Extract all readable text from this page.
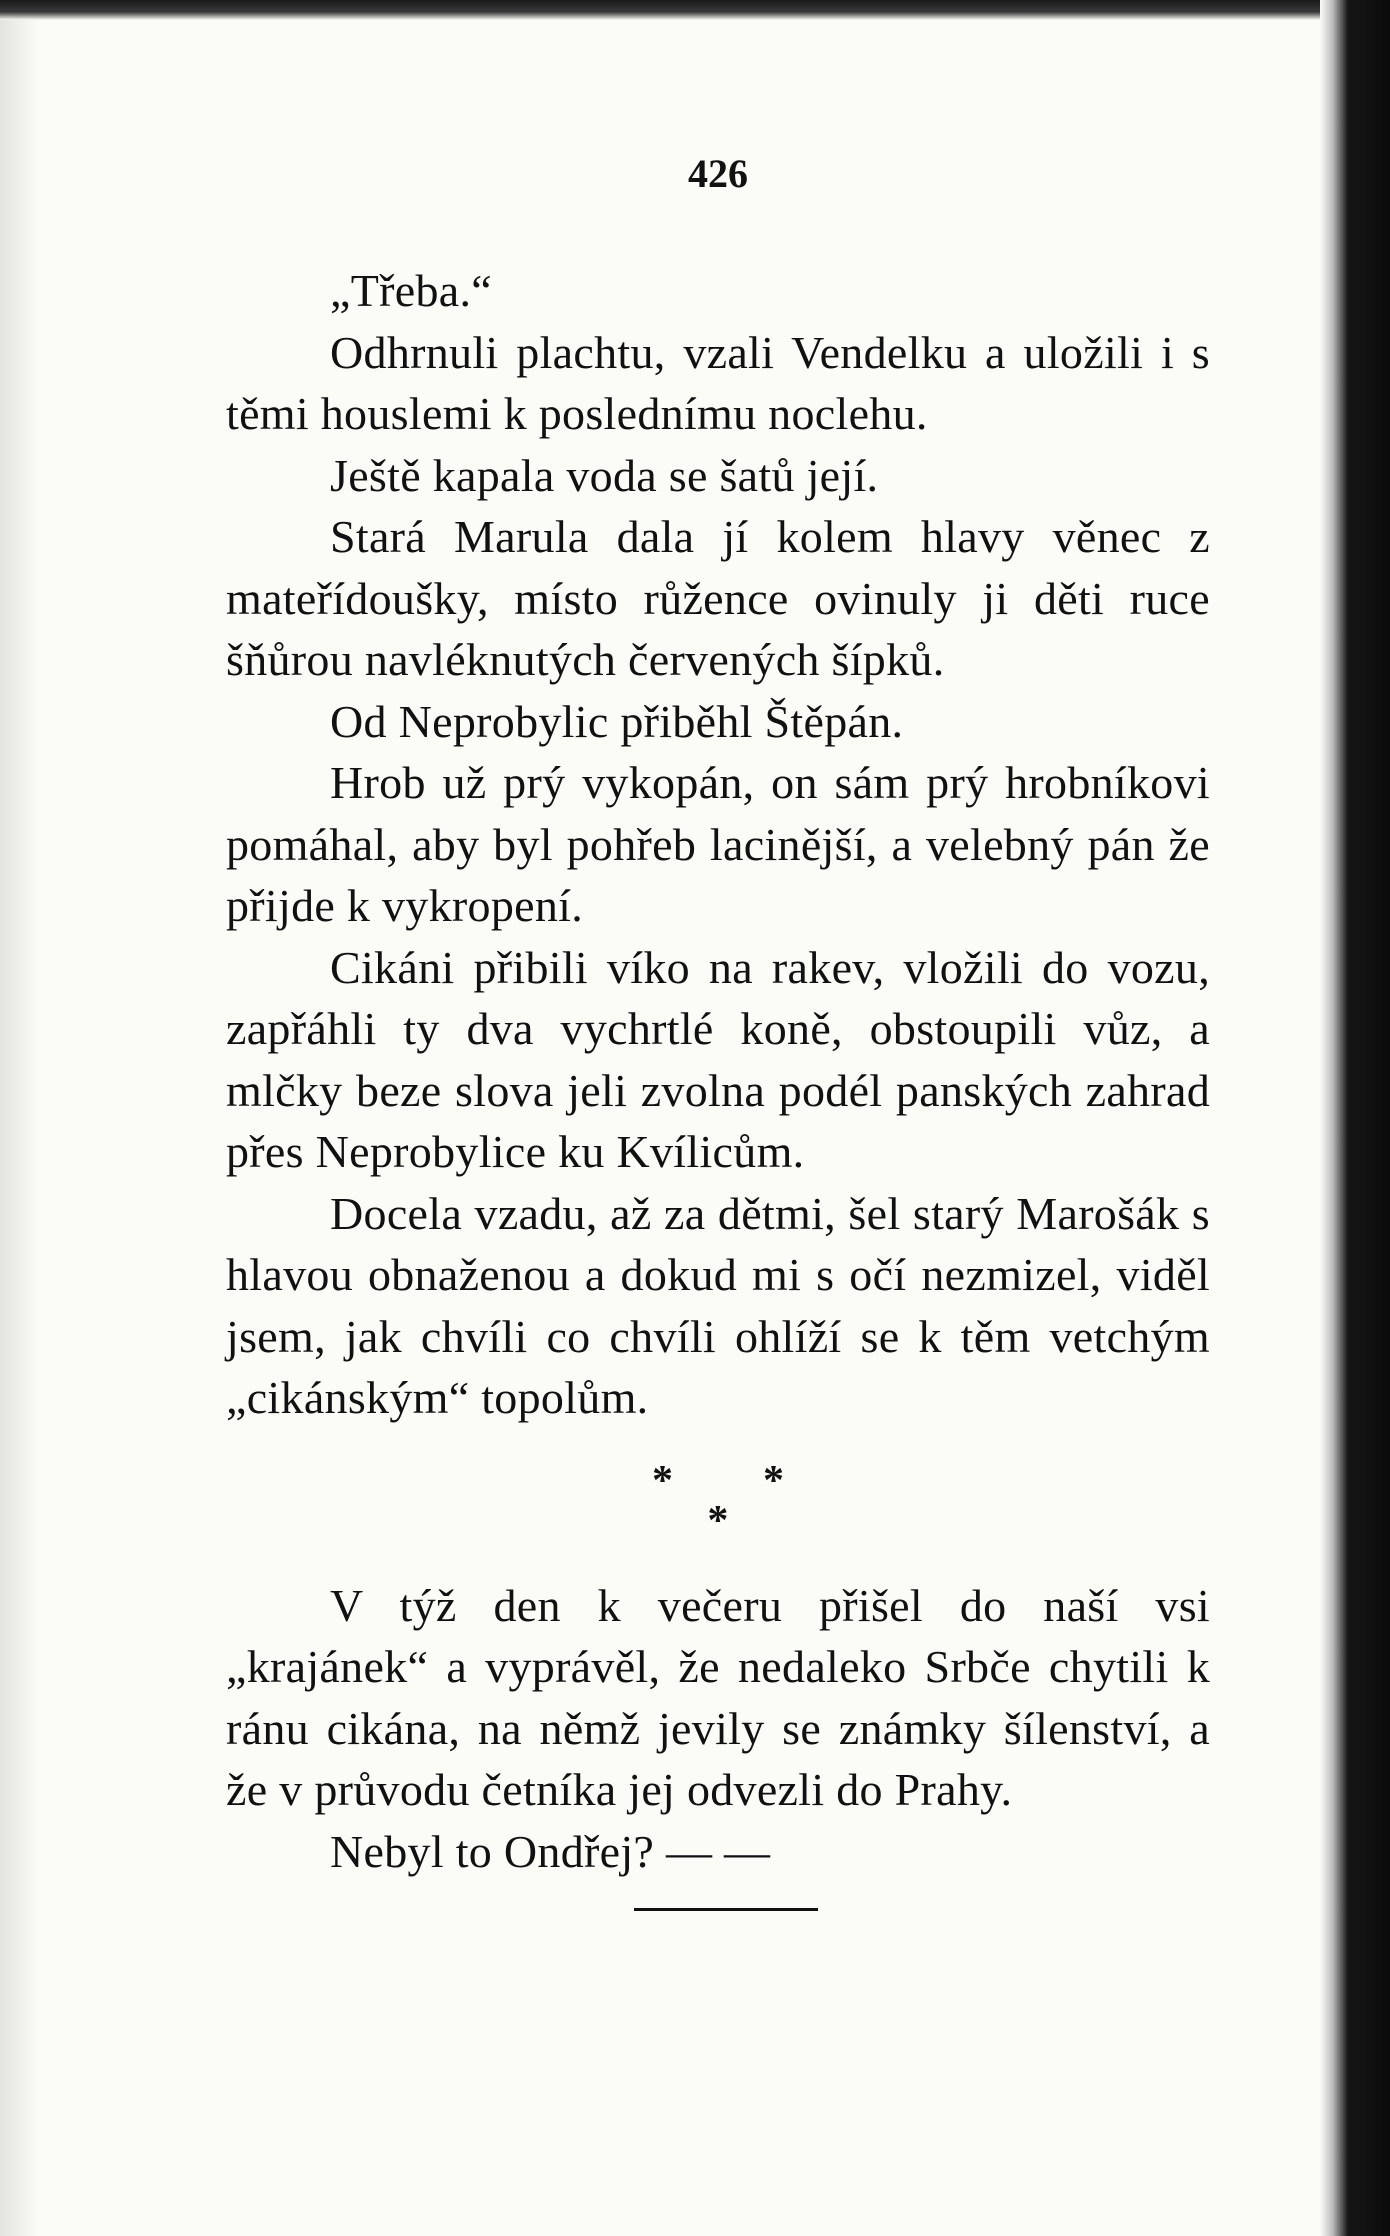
426

„Třeba.“

Odhrnuli plachtu, vzali Vendelku a uložili i s těmi houslemi k poslednímu noclehu.

Ještě kapala voda se šatů její.

Stará Marula dala jí kolem hlavy věnec z mateřídoušky, místo růžence ovinuly ji děti ruce šňůrou navléknutých červených šípků.

Od Neprobylic přiběhl Štěpán.

Hrob už prý vykopán, on sám prý hrobníkovi pomáhal, aby byl pohřeb lacinější, a velebný pán že přijde k vykropení.

Cikáni přibili víko na rakev, vložili do vozu, zapřáhli ty dva vychrtlé koně, obstoupili vůz, a mlčky beze slova jeli zvolna podél panských zahrad přes Neprobylice ku Kvílicům.

Docela vzadu, až za dětmi, šel starý Marošák s hlavou obnaženou a dokud mi s očí nezmizel, viděl jsem, jak chvíli co chvíli ohlíží se k těm vetchým „cikánským“ topolům.

**
*

V týž den k večeru přišel do naší vsi „krajánek“ a vyprávěl, že nedaleko Srbče chytili k ránu cikána, na němž jevily se známky šílenství, a že v průvodu četníka jej odvezli do Prahy.

Nebyl to Ondřej? — —
